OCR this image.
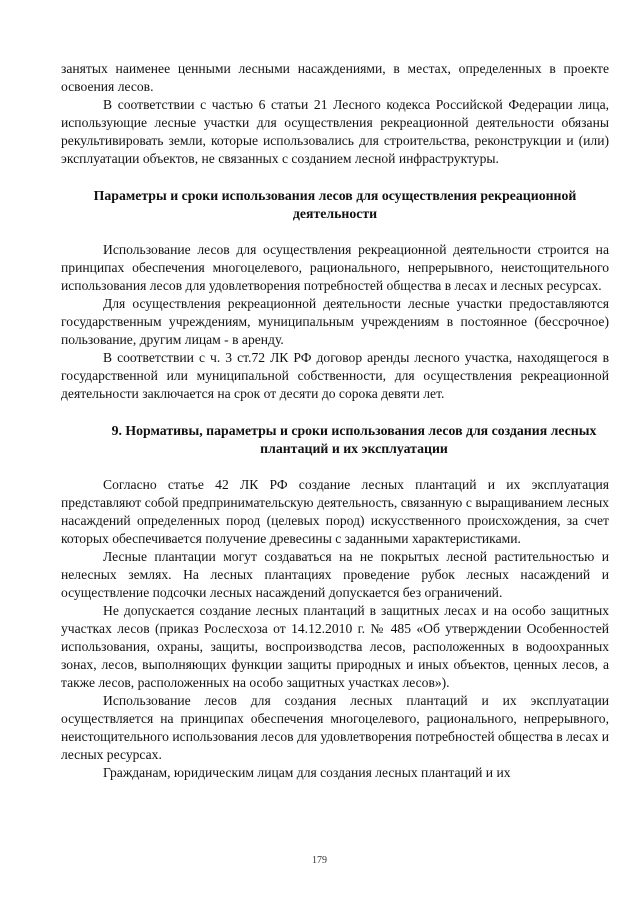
занятых наименее ценными лесными насаждениями, в местах, определенных в проекте освоения лесов.

В соответствии с частью 6 статьи 21 Лесного кодекса Российской Федерации лица, использующие лесные участки для осуществления рекреационной деятельности обязаны рекультивировать земли, которые использовались для строительства, реконструкции и (или) эксплуатации объектов, не связанных с созданием лесной инфраструктуры.

Параметры и сроки использования лесов для осуществления рекреационной деятельности

Использование лесов для осуществления рекреационной деятельности строится на принципах обеспечения многоцелевого, рационального, непрерывного, неистощительного использования лесов для удовлетворения потребностей общества в лесах и лесных ресурсах.

Для осуществления рекреационной деятельности лесные участки предоставляются государственным учреждениям, муниципальным учреждениям в постоянное (бессрочное) пользование, другим лицам - в аренду.

В соответствии с ч. 3 ст.72 ЛК РФ договор аренды лесного участка, находящегося в государственной или муниципальной собственности, для осуществления рекреационной деятельности заключается на срок от десяти до сорока девяти лет.

9. Нормативы, параметры и сроки использования лесов для создания лесных плантаций и их эксплуатации

Согласно статье 42 ЛК РФ создание лесных плантаций и их эксплуатация представляют собой предпринимательскую деятельность, связанную с выращиванием лесных насаждений определенных пород (целевых пород) искусственного происхождения, за счет которых обеспечивается получение древесины с заданными характеристиками.

Лесные плантации могут создаваться на не покрытых лесной растительностью и нелесных землях. На лесных плантациях проведение рубок лесных насаждений и осуществление подсочки лесных насаждений допускается без ограничений.

Не допускается создание лесных плантаций в защитных лесах и на особо защитных участках лесов (приказ Рослесхоза от 14.12.2010 г. № 485 «Об утверждении Особенностей использования, охраны, защиты, воспроизводства лесов, расположенных в водоохранных зонах, лесов, выполняющих функции защиты природных и иных объектов, ценных лесов, а также лесов, расположенных на особо защитных участках лесов»).

Использование лесов для создания лесных плантаций и их эксплуатации осуществляется на принципах обеспечения многоцелевого, рационального, непрерывного, неистощительного использования лесов для удовлетворения потребностей общества в лесах и лесных ресурсах.

Гражданам, юридическим лицам для создания лесных плантаций и их

179
